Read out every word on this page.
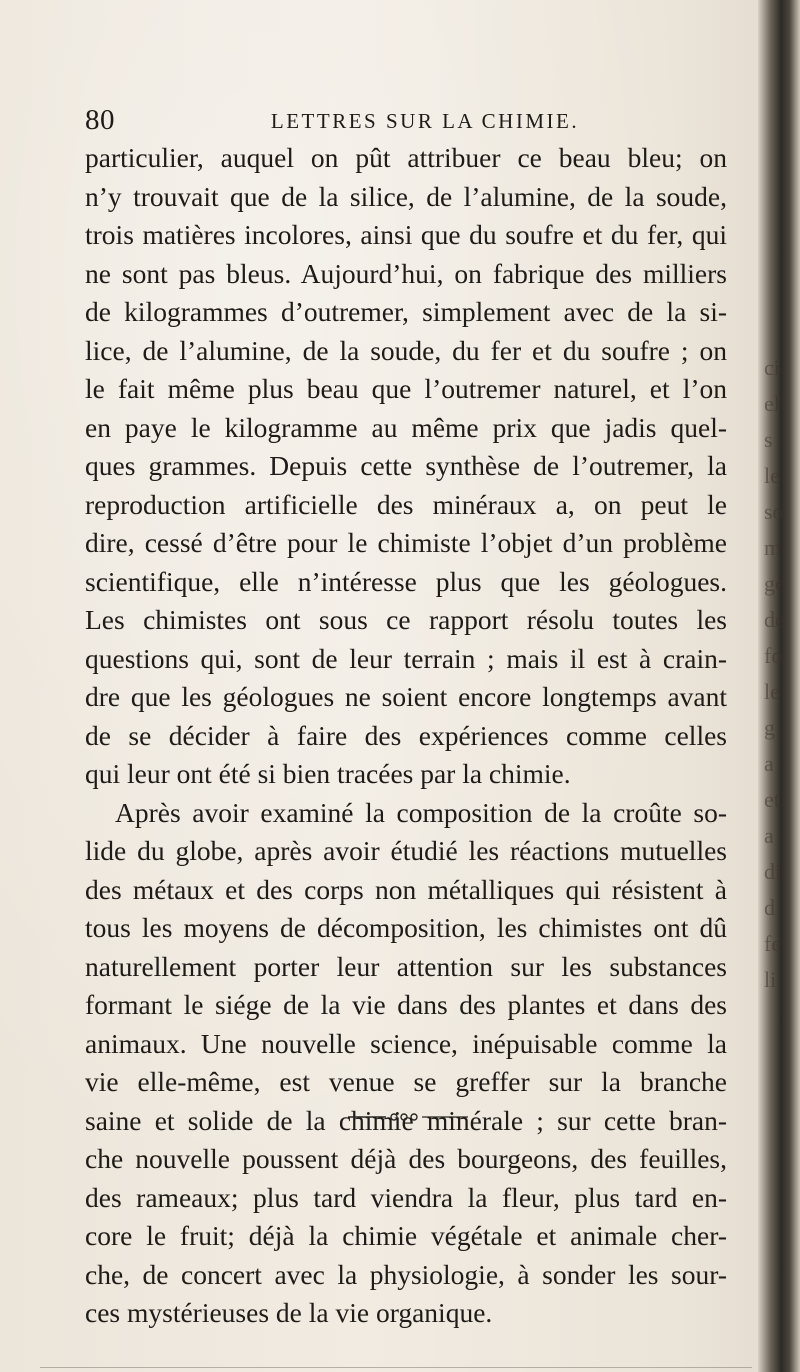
80	LETTRES SUR LA CHIMIE.
particulier, auquel on pût attribuer ce beau bleu; on
n’y trouvait que de la silice, de l’alumine, de la soude,
trois matières incolores, ainsi que du soufre et du fer, qui
ne sont pas bleus. Aujourd’hui, on fabrique des milliers
de kilogrammes d’outremer, simplement avec de la si-
lice, de l’alumine, de la soude, du fer et du soufre ; on
le fait même plus beau que l’outremer naturel, et l’on
en paye le kilogramme au même prix que jadis quel-
ques grammes. Depuis cette synthèse de l’outremer, la
reproduction artificielle des minéraux a, on peut le
dire, cessé d’être pour le chimiste l’objet d’un problème
scientifique, elle n’intéresse plus que les géologues.
Les chimistes ont sous ce rapport résolu toutes les
questions qui, sont de leur terrain ; mais il est à crain-
dre que les géologues ne soient encore longtemps avant
de se décider à faire des expériences comme celles
qui leur ont été si bien tracées par la chimie.
Après avoir examiné la composition de la croûte so-
lide du globe, après avoir étudié les réactions mutuelles
des métaux et des corps non métalliques qui résistent à
tous les moyens de décomposition, les chimistes ont dû
naturellement porter leur attention sur les substances
formant le siége de la vie dans des plantes et dans des
animaux. Une nouvelle science, inépuisable comme la
vie elle-même, est venue se greffer sur la branche
saine et solide de la chimie minérale ; sur cette bran-
che nouvelle poussent déjà des bourgeons, des feuilles,
des rameaux; plus tard viendra la fleur, plus tard en-
core le fruit; déjà la chimie végétale et animale cher-
che, de concert avec la physiologie, à sonder les sour-
ces mystérieuses de la vie organique.
ci
el
s
le
so
m
ge
de
fo
le
g
a
et
a
di
d
fe
li
